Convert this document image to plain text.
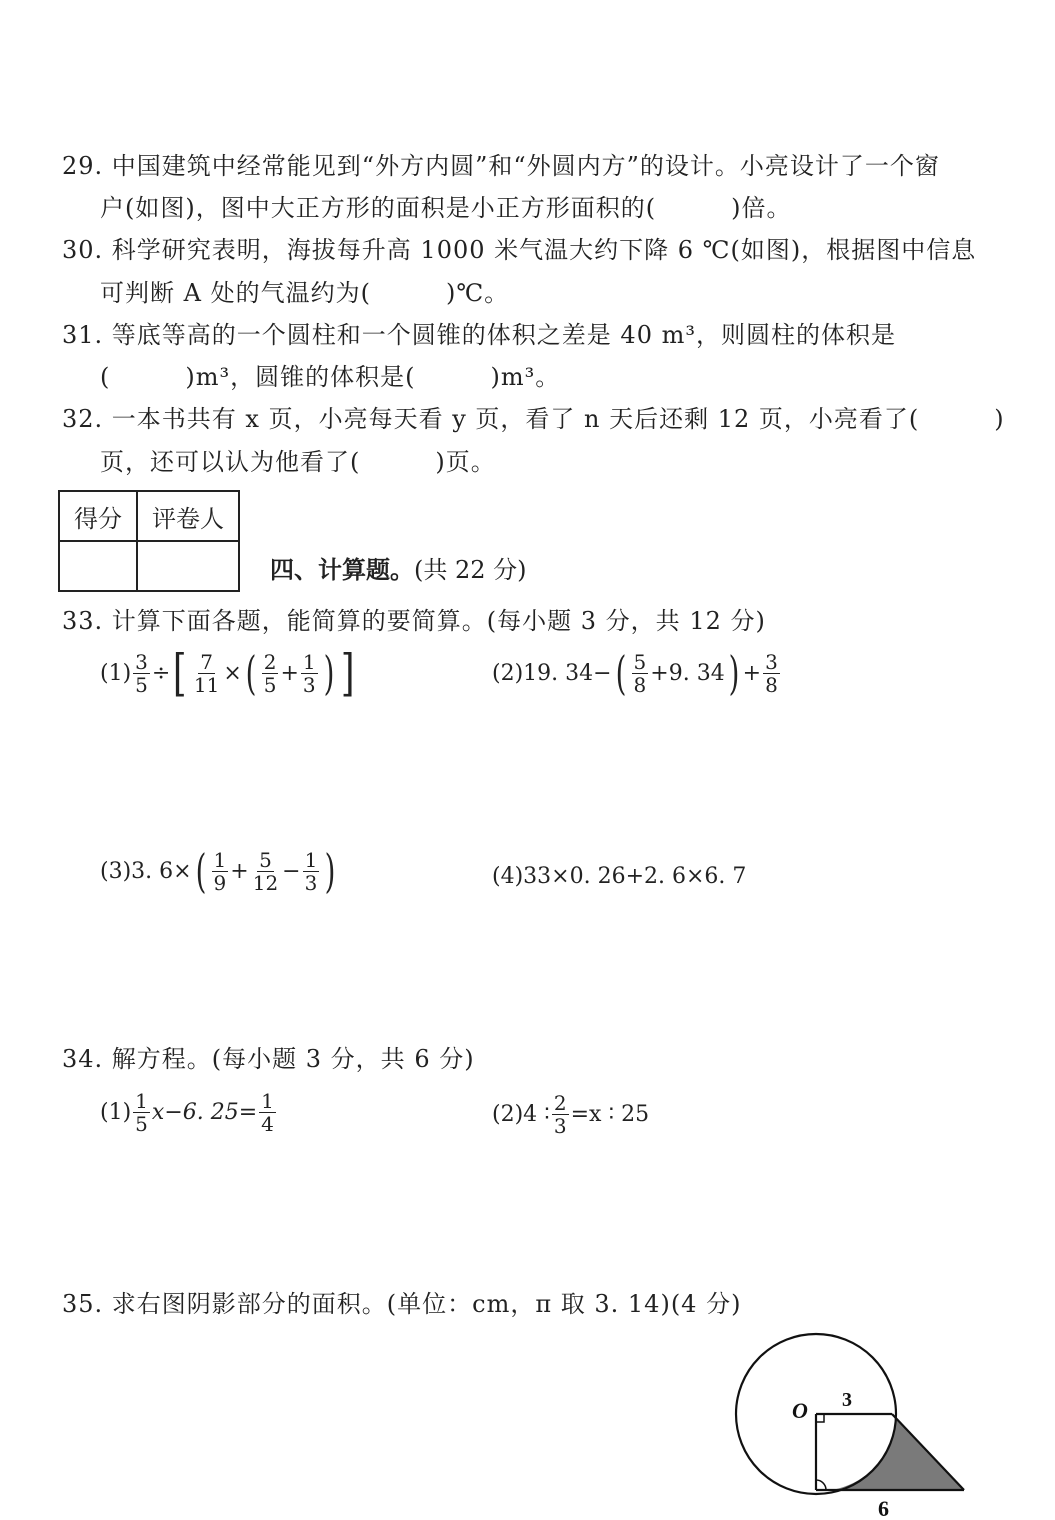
29. 中国建筑中经常能见到“外方内圆”和“外圆内方”的设计。小亮设计了一个窗
户(如图)，图中大正方形的面积是小正方形面积的(　　　)倍。
30. 科学研究表明，海拔每升高 1000 米气温大约下降 6 ℃(如图)，根据图中信息
可判断 A 处的气温约为(　　　)℃。
31. 等底等高的一个圆柱和一个圆锥的体积之差是 40 m³，则圆柱的体积是
(　　　)m³，圆锥的体积是(　　　)m³。
32. 一本书共有 x 页，小亮每天看 y 页，看了 n 天后还剩 12 页，小亮看了(　　　)
页，还可以认为他看了(　　　)页。
得分	评卷人

四、计算题。(共 22 分)
33. 计算下面各题，能简算的要简算。(每小题 3 分，共 12 分)
$(1) \frac{3}{5}$ ÷ [ $\frac{7}{11}$ × ( $\frac{2}{5} + \frac{1}{3}$ ) ]	(2) 19. 34− ( $\frac{5}{8} +9$. 34 ) + $\frac{3}{8}$
(3) 3. 6× ( $\frac{1}{9} + \frac{5}{12} - \frac{1}{3}$ )	(4) 33×0. 26+2. 6×6. 7
34. 解方程。(每小题 3 分，共 6 分)
$(1) \frac{1}{5} x-6$. $25= \frac{1}{4}$	(2) 4 ∶ $\frac{2}{3} =x$ ∶ 25
35. 求右图阴影部分的面积。(单位：cm，π 取 3. 14)(4 分)
O 3
6
